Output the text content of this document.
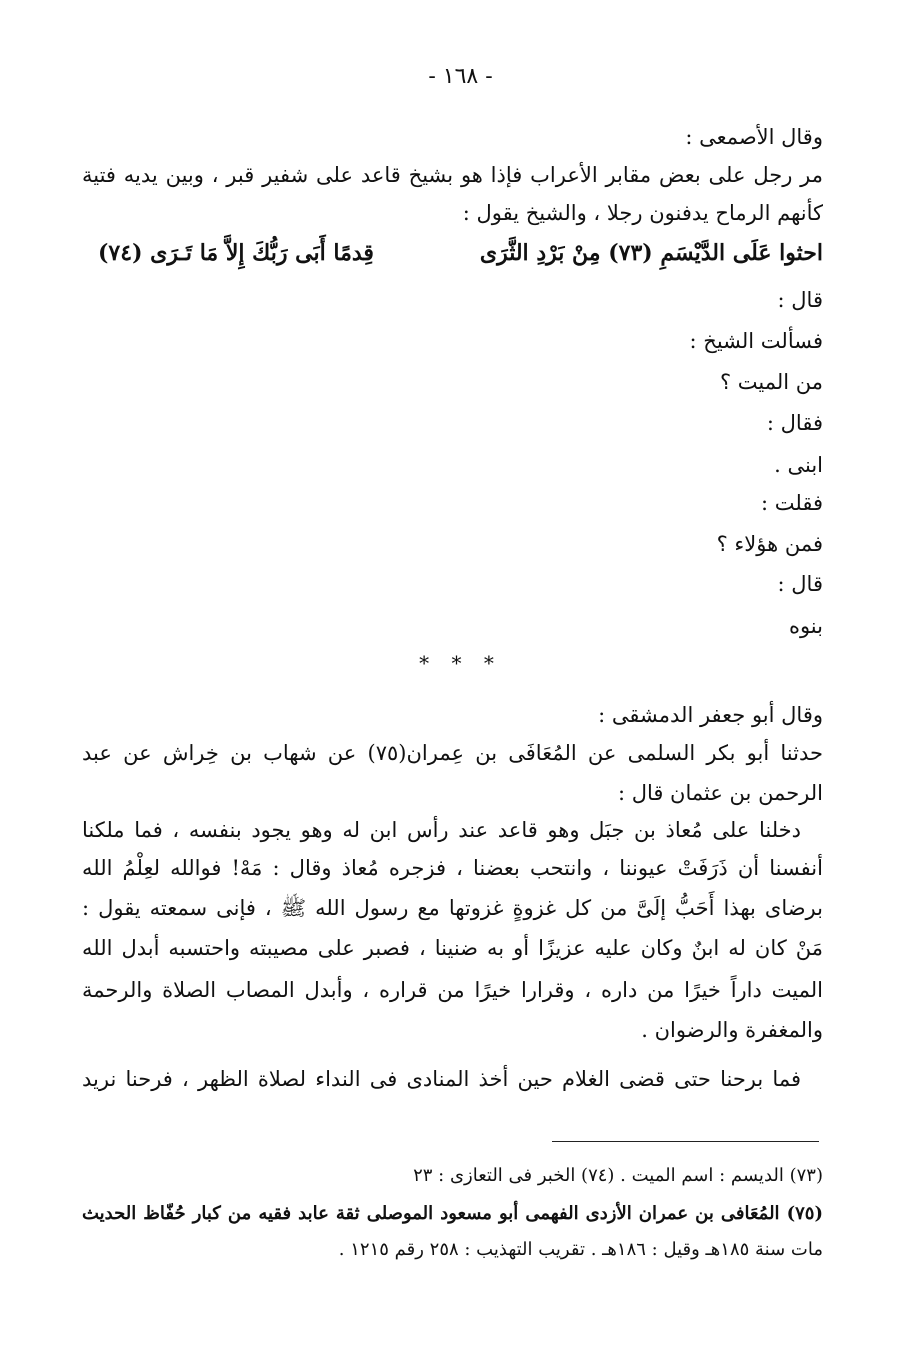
- ١٦٨ -
وقال الأصمعى :
مر رجل على بعض مقابر الأعراب فإذا هو بشيخ قاعد على شفير قبر ، وبين يديه فتية
كأنهم الرماح يدفنون رجلا ، والشيخ يقول :
احثوا عَلَى الدَّيْسَمِ (٧٣) مِنْ بَرْدِ الثَّرَى
قِدمًا أَبَى رَبُّكَ إِلاَّ مَا تَـرَى (٧٤)
قال :
فسألت الشيخ :
من الميت ؟
فقال :
ابنى .
فقلت :
فمن هؤلاء ؟
قال :
بنوه
* * *
وقال أبو جعفر الدمشقى :
حدثنا أبو بكر السلمى عن المُعَافَى بن عِمران(٧٥) عن شهاب بن خِراش عن عبد
الرحمن بن عثمان قال :
دخلنا على مُعاذ بن جبَل وهو قاعد عند رأس ابن له وهو يجود بنفسه ، فما ملكنا
أنفسنا أن ذَرَفَتْ عيوننا ، وانتحب بعضنا ، فزجره مُعاذ وقال : مَهْ! فوالله لعِلْمُ الله
برضاى بهذا أَحَبُّ إلَىَّ من كل غزوةٍ غزوتها مع رسول الله ﷺ ، فإنى سمعته يقول :
مَنْ كان له ابنٌ وكان عليه عزيزًا أو به ضنينا ، فصبر على مصيبته واحتسبه أبدل الله
الميت داراً خيرًا من داره ، وقرارا خيرًا من قراره ، وأبدل المصاب الصلاة والرحمة
والمغفرة والرضوان .
فما برحنا حتى قضى الغلام حين أخذ المنادى فى النداء لصلاة الظهر ، فرحنا نريد
(٧٣) الديسم : اسم الميت . (٧٤) الخبر فى التعازى : ٢٣
(٧٥) المُعَافى بن عمران الأزدى الفهمى أبو مسعود الموصلى ثقة عابد فقيه من كبار حُفّاظ الحديث
مات سنة ١٨٥هـ وقيل : ١٨٦هـ . تقريب التهذيب : ٢٥٨ رقم ١٢١٥ .
